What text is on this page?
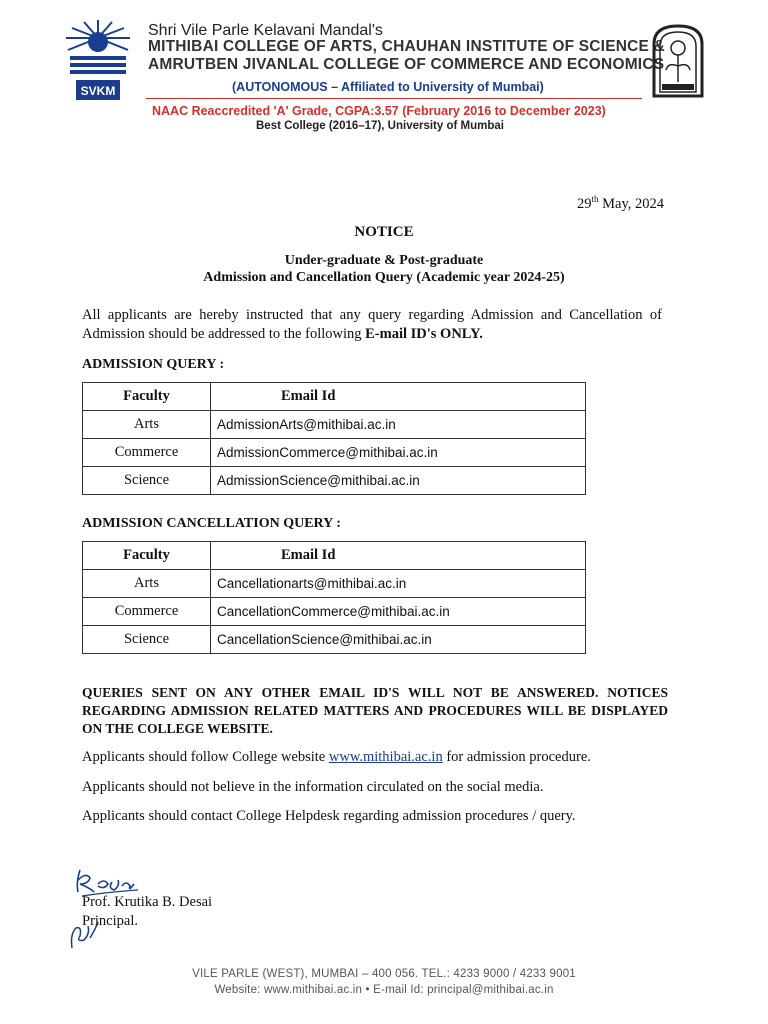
SVKM
Shri Vile Parle Kelavani Mandal's
MITHIBAI COLLEGE OF ARTS, CHAUHAN INSTITUTE OF SCIENCE &
AMRUTBEN JIVANLAL COLLEGE OF COMMERCE AND ECONOMICS
(AUTONOMOUS – Affiliated to University of Mumbai)
NAAC Reaccredited 'A' Grade, CGPA:3.57 (February 2016 to December 2023)
Best College (2016–17), University of Mumbai
29th May, 2024
NOTICE
Under-graduate & Post-graduate
Admission and Cancellation Query (Academic year 2024-25)
All applicants are hereby instructed that any query regarding Admission and Cancellation of Admission should be addressed to the following E-mail ID's ONLY.
ADMISSION QUERY :
Faculty	Email Id
Arts	AdmissionArts@mithibai.ac.in
Commerce	AdmissionCommerce@mithibai.ac.in
Science	AdmissionScience@mithibai.ac.in
ADMISSION CANCELLATION QUERY :
Faculty	Email Id
Arts	Cancellationarts@mithibai.ac.in
Commerce	CancellationCommerce@mithibai.ac.in
Science	CancellationScience@mithibai.ac.in
QUERIES SENT ON ANY OTHER EMAIL ID'S WILL NOT BE ANSWERED. NOTICES REGARDING ADMISSION RELATED MATTERS AND PROCEDURES WILL BE DISPLAYED ON THE COLLEGE WEBSITE.
Applicants should follow College website www.mithibai.ac.in for admission procedure.
Applicants should not believe in the information circulated on the social media.
Applicants should contact College Helpdesk regarding admission procedures / query.
Prof. Krutika B. Desai
Principal.
VILE PARLE (WEST), MUMBAI – 400 056. TEL.: 4233 9000 / 4233 9001
Website: www.mithibai.ac.in • E-mail Id: principal@mithibai.ac.in
